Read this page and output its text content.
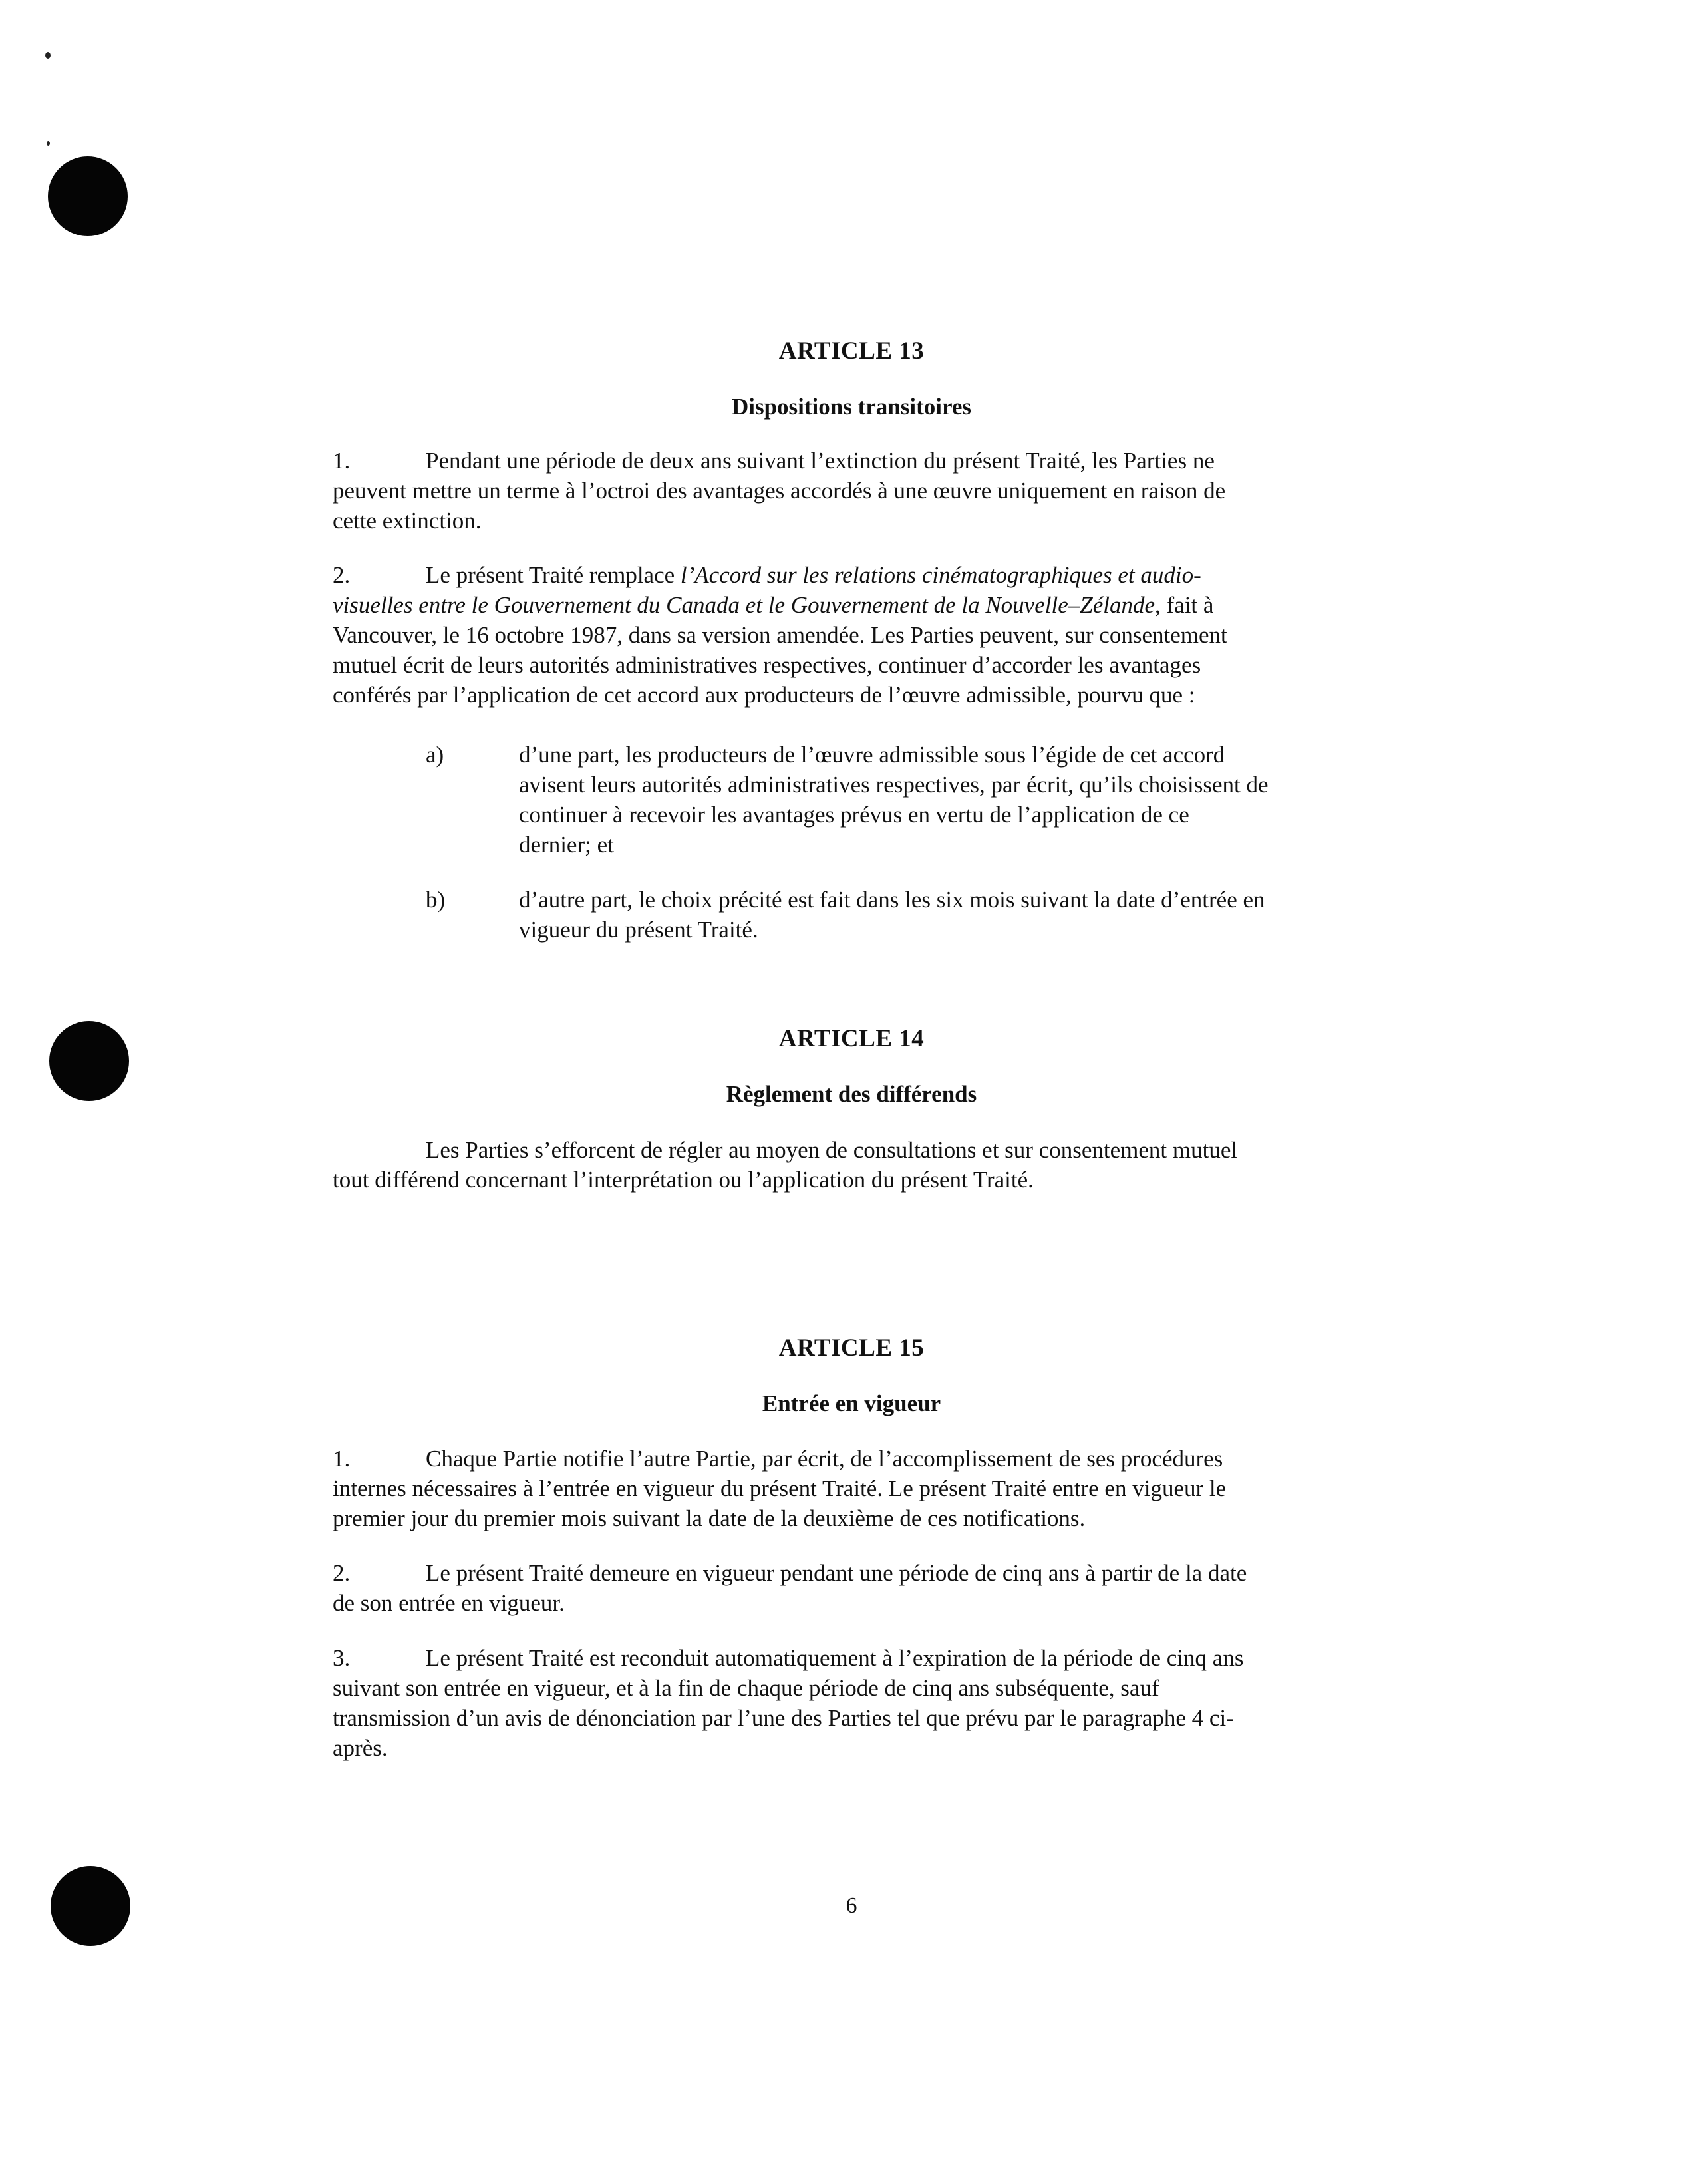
ARTICLE 13
Dispositions transitoires
1.	Pendant une période de deux ans suivant l’extinction du présent Traité, les Parties ne
peuvent mettre un terme à l’octroi des avantages accordés à une œuvre uniquement en raison de
cette extinction.
2.	Le présent Traité remplace l’Accord sur les relations cinématographiques et audio-
visuelles entre le Gouvernement du Canada et le Gouvernement de la Nouvelle–Zélande, fait à
Vancouver, le 16 octobre 1987, dans sa version amendée. Les Parties peuvent, sur consentement
mutuel écrit de leurs autorités administratives respectives, continuer d’accorder les avantages
conférés par l’application de cet accord aux producteurs de l’œuvre admissible, pourvu que :
a)	d’une part, les producteurs de l’œuvre admissible sous l’égide de cet accord
avisent leurs autorités administratives respectives, par écrit, qu’ils choisissent de
continuer à recevoir les avantages prévus en vertu de l’application de ce
dernier; et
b)	d’autre part, le choix précité est fait dans les six mois suivant la date d’entrée en
vigueur du présent Traité.
ARTICLE 14
Règlement des différends
Les Parties s’efforcent de régler au moyen de consultations et sur consentement mutuel
tout différend concernant l’interprétation ou l’application du présent Traité.
ARTICLE 15
Entrée en vigueur
1.	Chaque Partie notifie l’autre Partie, par écrit, de l’accomplissement de ses procédures
internes nécessaires à l’entrée en vigueur du présent Traité. Le présent Traité entre en vigueur le
premier jour du premier mois suivant la date de la deuxième de ces notifications.
2.	Le présent Traité demeure en vigueur pendant une période de cinq ans à partir de la date
de son entrée en vigueur.
3.	Le présent Traité est reconduit automatiquement à l’expiration de la période de cinq ans
suivant son entrée en vigueur, et à la fin de chaque période de cinq ans subséquente, sauf
transmission d’un avis de dénonciation par l’une des Parties tel que prévu par le paragraphe 4 ci-
après.
6
